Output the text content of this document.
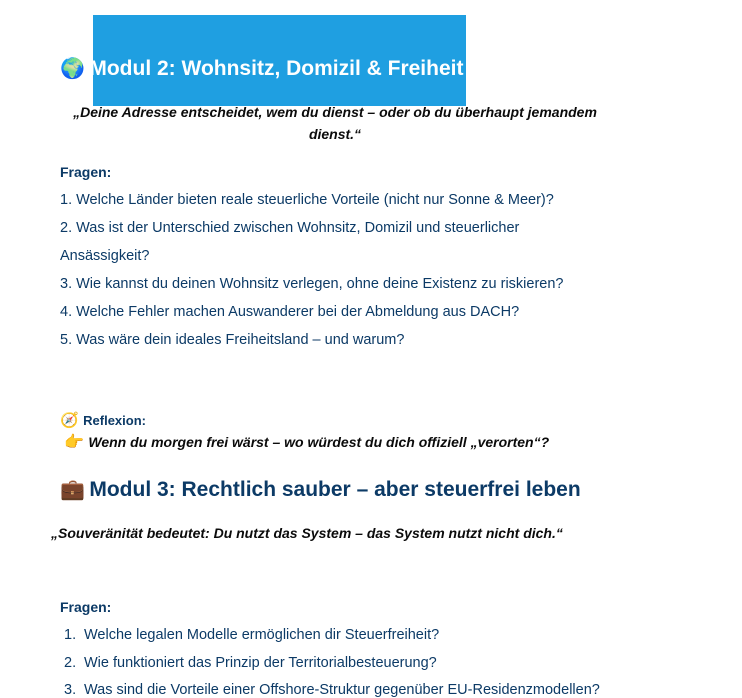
🌍 Modul 2: Wohnsitz, Domizil & Freiheit
„Deine Adresse entscheidet, wem du dienst – oder ob du überhaupt jemandem
dienst.“
Fragen:
1. Welche Länder bieten reale steuerliche Vorteile (nicht nur Sonne & Meer)?
2. Was ist der Unterschied zwischen Wohnsitz, Domizil und steuerlicher
Ansässigkeit?
3. Wie kannst du deinen Wohnsitz verlegen, ohne deine Existenz zu riskieren?
4. Welche Fehler machen Auswanderer bei der Abmeldung aus DACH?
5. Was wäre dein ideales Freiheitsland – und warum?
🧭 Reflexion:
👉 Wenn du morgen frei wärst – wo würdest du dich offiziell „verorten“?
💼 Modul 3: Rechtlich sauber – aber steuerfrei leben
„Souveränität bedeutet: Du nutzt das System – das System nutzt nicht dich.“
Fragen:
1. Welche legalen Modelle ermöglichen dir Steuerfreiheit?
2. Wie funktioniert das Prinzip der Territorialbesteuerung?
3. Was sind die Vorteile einer Offshore-Struktur gegenüber EU-Residenzmodellen?
